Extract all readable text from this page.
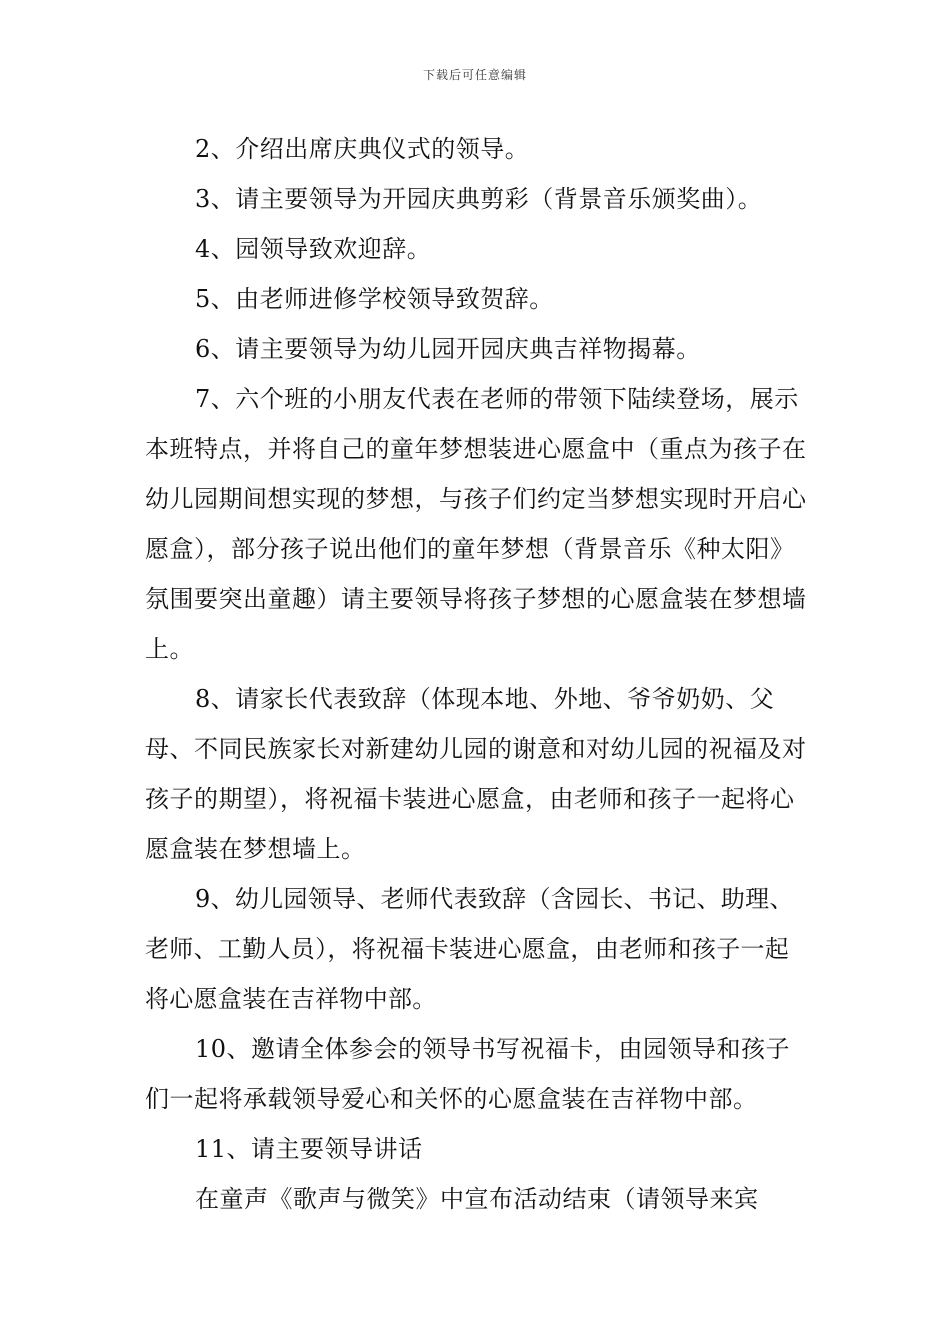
下载后可任意编辑

2、介绍出席庆典仪式的领导。

3、请主要领导为开园庆典剪彩（背景音乐颁奖曲）。

4、园领导致欢迎辞。

5、由老师进修学校领导致贺辞。

6、请主要领导为幼儿园开园庆典吉祥物揭幕。

7、六个班的小朋友代表在老师的带领下陆续登场，展示本班特点，并将自己的童年梦想装进心愿盒中（重点为孩子在幼儿园期间想实现的梦想，与孩子们约定当梦想实现时开启心愿盒），部分孩子说出他们的童年梦想（背景音乐《种太阳》氛围要突出童趣）请主要领导将孩子梦想的心愿盒装在梦想墙上。

8、请家长代表致辞（体现本地、外地、爷爷奶奶、父母、不同民族家长对新建幼儿园的谢意和对幼儿园的祝福及对孩子的期望），将祝福卡装进心愿盒，由老师和孩子一起将心愿盒装在梦想墙上。

9、幼儿园领导、老师代表致辞（含园长、书记、助理、老师、工勤人员），将祝福卡装进心愿盒，由老师和孩子一起将心愿盒装在吉祥物中部。

10、邀请全体参会的领导书写祝福卡，由园领导和孩子们一起将承载领导爱心和关怀的心愿盒装在吉祥物中部。

11、请主要领导讲话

在童声《歌声与微笑》中宣布活动结束（请领导来宾
